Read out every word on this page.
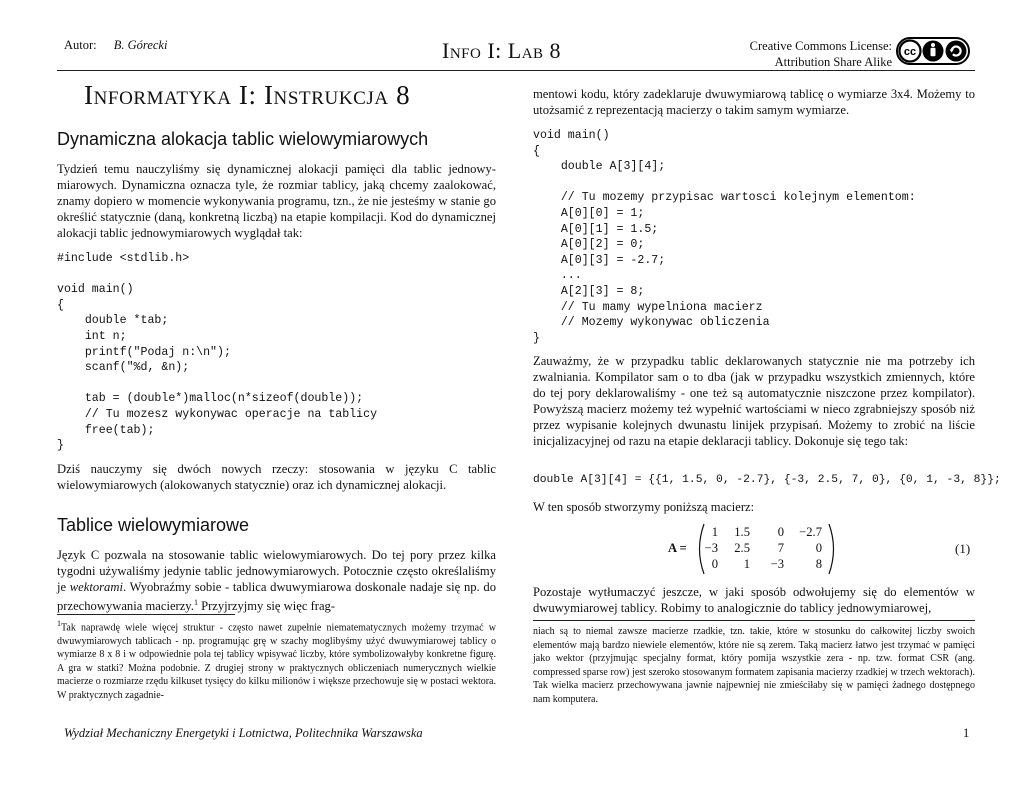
Autor: B. Górecki	Info I: Lab 8	Creative Commons License:
Attribution Share Alike
cc
Informatyka I: Instrukcja 8
Dynamiczna alokacja tablic wielowymiarowych
Tydzień temu nauczyliśmy się dynamicznej alokacji pamięci dla tablic jednowy-miarowych. Dynamiczna oznacza tyle, że rozmiar tablicy, jaką chcemy zaalokować, znamy dopiero w momencie wykonywania programu, tzn., że nie jesteśmy w stanie go określić statycznie (daną, konkretną liczbą) na etapie kompilacji. Kod do dynamicznej alokacji tablic jednowymiarowych wyglądał tak:
#include <stdlib.h>

void main()
{
double *tab;
int n;
printf("Podaj n:\n");
scanf("%d, &n);

tab = (double*)malloc(n*sizeof(double));
// Tu mozesz wykonywac operacje na tablicy
free(tab);
}
Dziś nauczymy się dwóch nowych rzeczy: stosowania w języku C tablic wielowymiarowych (alokowanych statycznie) oraz ich dynamicznej alokacji.
Tablice wielowymiarowe
Język C pozwala na stosowanie tablic wielowymiarowych. Do tej pory przez kilka tygodni używaliśmy jedynie tablic jednowymiarowych. Potocznie często określaliśmy je wektorami. Wyobraźmy sobie - tablica dwuwymiarowa doskonale nadaje się np. do przechowywania macierzy.$^1$ Przyjrzyjmy się więc frag-
$^1$Tak naprawdę wiele więcej struktur - często nawet zupełnie niematematycznych możemy trzymać w dwuwymiarowych tablicach - np. programując grę w szachy moglibyśmy użyć dwuwymiarowej tablicy o wymiarze 8 x 8 i w odpowiednie pola tej tablicy wpisywać liczby, które symbolizowałyby konkretne figurę. A gra w statki? Można podobnie. Z drugiej strony w praktycznych obliczeniach numerycznych wielkie macierze o rozmiarze rzędu kilkuset tysięcy do kilku milionów i większe przechowuje się w postaci wektora. W praktycznych zagadnie-
mentowi kodu, który zadeklaruje dwuwymiarową tablicę o wymiarze 3x4. Możemy to utożsamić z reprezentacją macierzy o takim samym wymiarze.
void main()
{
double A[3][4];

// Tu mozemy przypisac wartosci kolejnym elementom:
A[0][0] = 1;
A[0][1] = 1.5;
A[0][2] = 0;
A[0][3] = -2.7;
...
A[2][3] = 8;
// Tu mamy wypelniona macierz
// Mozemy wykonywac obliczenia
}
Zauważmy, że w przypadku tablic deklarowanych statycznie nie ma potrzeby ich zwalniania. Kompilator sam o to dba (jak w przypadku wszystkich zmiennych, które do tej pory deklarowaliśmy - one też są automatycznie niszczone przez kompilator). Powyższą macierz możemy też wypełnić wartościami w nieco zgrabniejszy sposób niż przez wypisanie kolejnych dwunastu linijek przypisań. Możemy to zrobić na liście inicjalizacyjnej od razu na etapie deklaracji tablicy. Dokonuje się tego tak:
double A[3][4] = {{1, 1.5, 0, -2.7}, {-3, 2.5, 7, 0}, {0, 1, -3, 8}};
W ten sposób stworzymy poniższą macierz:
A =
1	1.5	0	−2.7
−3	2.5	7	0
0	1	−3	8
(1)
Pozostaje wytłumaczyć jeszcze, w jaki sposób odwołujemy się do elementów w dwuwymiarowej tablicy. Robimy to analogicznie do tablicy jednowymiarowej,
niach są to niemal zawsze macierze rzadkie, tzn. takie, które w stosunku do całkowitej liczby swoich elementów mają bardzo niewiele elementów, które nie są zerem. Taką macierz łatwo jest trzymać w pamięci jako wektor (przyjmując specjalny format, który pomija wszystkie zera - np. tzw. format CSR (ang. compressed sparse row) jest szeroko stosowanym formatem zapisania macierzy rzadkiej w trzech wektorach). Tak wielka macierz przechowywana jawnie najpewniej nie zmieściłaby się w pamięci żadnego dostępnego nam komputera.
Wydział Mechaniczny Energetyki i Lotnictwa, Politechnika Warszawska	1
